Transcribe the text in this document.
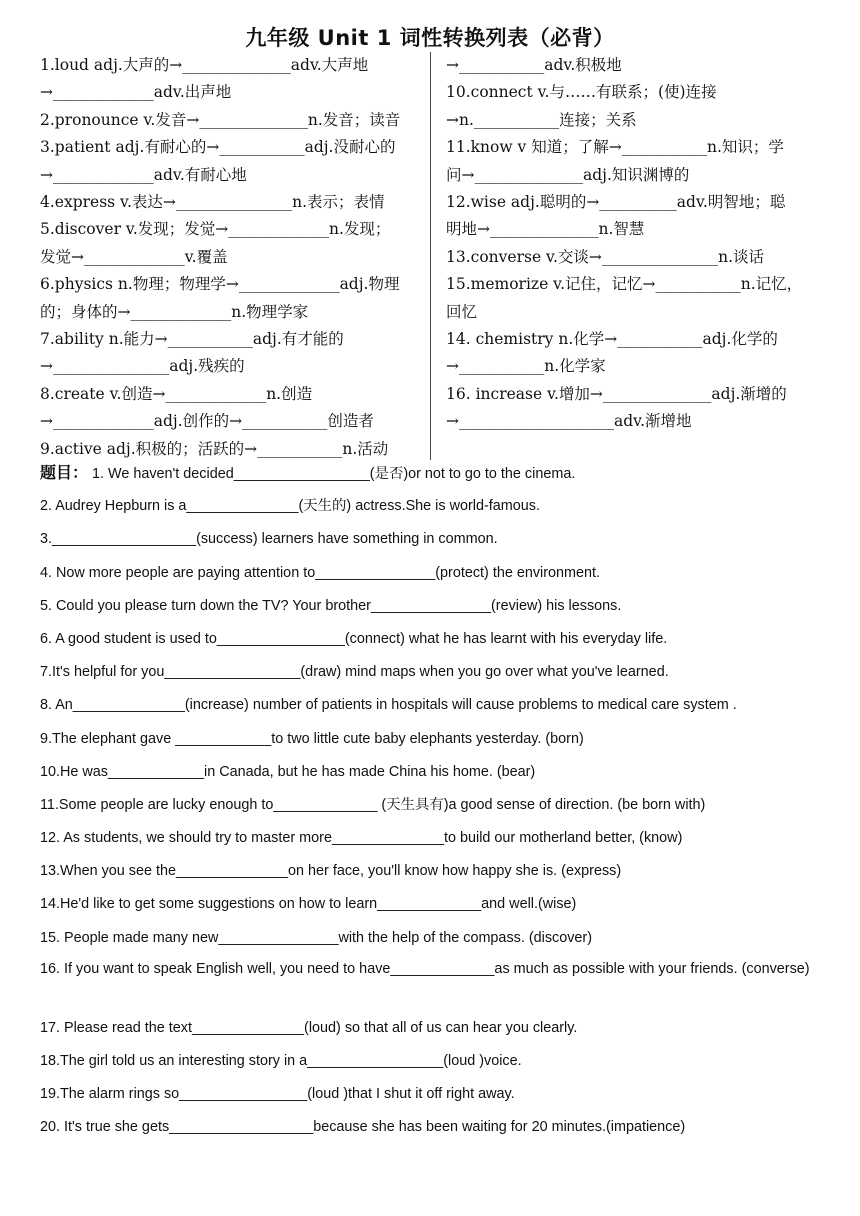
九年级 Unit 1 词性转换列表（必背）

1.loud adj.大声的→______________adv.大声地

→_____________adv.出声地

2.pronounce v.发音→______________n.发音；读音

3.patient adj.有耐心的→___________adj.没耐心的

→_____________adv.有耐心地

4.express v.表达→_______________n.表示；表情

5.discover v.发现；发觉→_____________n.发现；

发觉→_____________v.覆盖

6.physics n.物理；物理学→_____________adj.物理

的；身体的→_____________n.物理学家

7.ability n.能力→___________adj.有才能的

→_______________adj.残疾的

8.create v.创造→_____________n.创造

→_____________adj.创作的→___________创造者

9.active adj.积极的；活跃的→___________n.活动

→___________adv.积极地

10.connect v.与……有联系；(使)连接

→n.___________连接；关系

11.know v 知道；了解→___________n.知识；学

问→______________adj.知识渊博的

12.wise adj.聪明的→__________adv.明智地；聪

明地→______________n.智慧

13.converse v.交谈→_______________n.谈话

15.memorize v.记住，记忆→___________n.记忆，

回忆

14. chemistry n.化学→___________adj.化学的

→___________n.化学家

16. increase v.增加→______________adj.渐增的

→____________________adv.渐增地

题目： 1. We haven't decided_________________(是否)or not to go to the cinema.
2. Audrey Hepburn is a______________(天生的) actress.She is world-famous.
3.__________________(success) learners have something in common.
4. Now more people are paying attention to_______________(protect) the environment.
5. Could you please turn down the TV? Your brother_______________(review) his lessons.
6. A good student is used to________________(connect) what he has learnt with his everyday life.
7.It's helpful for you_________________(draw) mind maps when you go over what you've learned.
8. An______________(increase) number of patients in hospitals will cause problems to medical care system .
9.The elephant gave ____________to two little cute baby elephants yesterday. (born)
10.He was____________in Canada, but he has made China his home. (bear)
11.Some people are lucky enough to_____________ (天生具有)a good sense of direction. (be born with)
12. As students, we should try to master more______________to build our motherland better, (know)
13.When you see the______________on her face, you'll know how happy she is. (express)
14.He'd like to get some suggestions on how to learn_____________and well.(wise)
15. People made many new_______________with the help of the compass. (discover)
16. If you want to speak English well, you need to have_____________as much as possible with your friends. (converse)
17. Please read the text______________(loud) so that all of us can hear you clearly.
18.The girl told us an interesting story in a_________________(loud )voice.
19.The alarm rings so________________(loud )that I shut it off right away.
20. It's true she gets__________________because she has been waiting for 20 minutes.(impatience)
